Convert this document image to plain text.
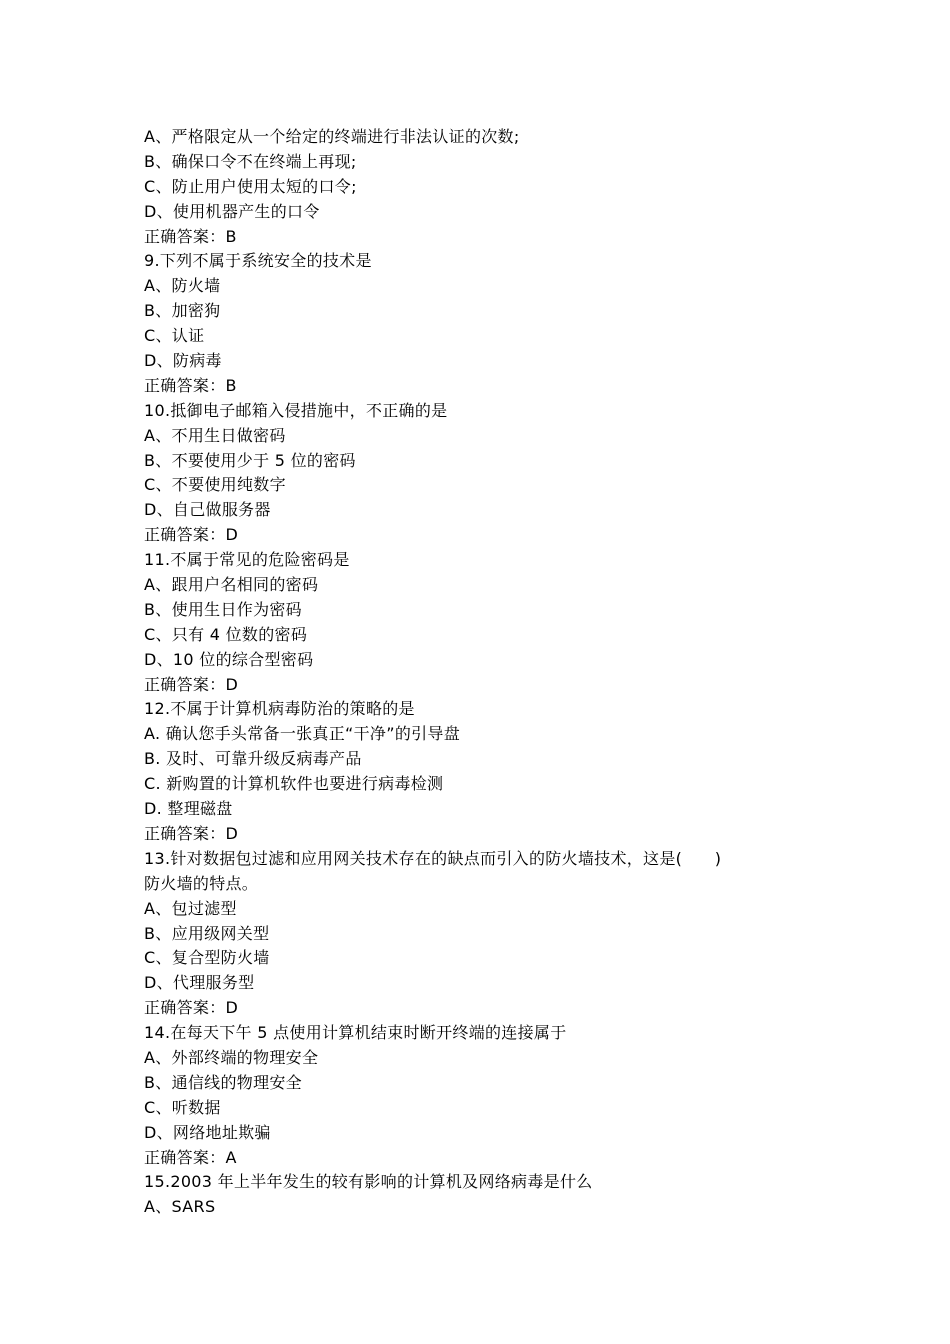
A、严格限定从一个给定的终端进行非法认证的次数;
B、确保口令不在终端上再现;
C、防止用户使用太短的口令;
D、使用机器产生的口令
正确答案：B
9.下列不属于系统安全的技术是
A、防火墙
B、加密狗
C、认证
D、防病毒
正确答案：B
10.抵御电子邮箱入侵措施中，不正确的是
A、不用生日做密码
B、不要使用少于 5 位的密码
C、不要使用纯数字
D、自己做服务器
正确答案：D
11.不属于常见的危险密码是
A、跟用户名相同的密码
B、使用生日作为密码
C、只有 4 位数的密码
D、10 位的综合型密码
正确答案：D
12.不属于计算机病毒防治的策略的是
A. 确认您手头常备一张真正“干净”的引导盘
B. 及时、可靠升级反病毒产品
C. 新购置的计算机软件也要进行病毒检测
D. 整理磁盘
正确答案：D
13.针对数据包过滤和应用网关技术存在的缺点而引入的防火墙技术，这是(　　)
防火墙的特点。
A、包过滤型
B、应用级网关型
C、复合型防火墙
D、代理服务型
正确答案：D
14.在每天下午 5 点使用计算机结束时断开终端的连接属于
A、外部终端的物理安全
B、通信线的物理安全
C、听数据
D、网络地址欺骗
正确答案：A
15.2003 年上半年发生的较有影响的计算机及网络病毒是什么
A、SARS
